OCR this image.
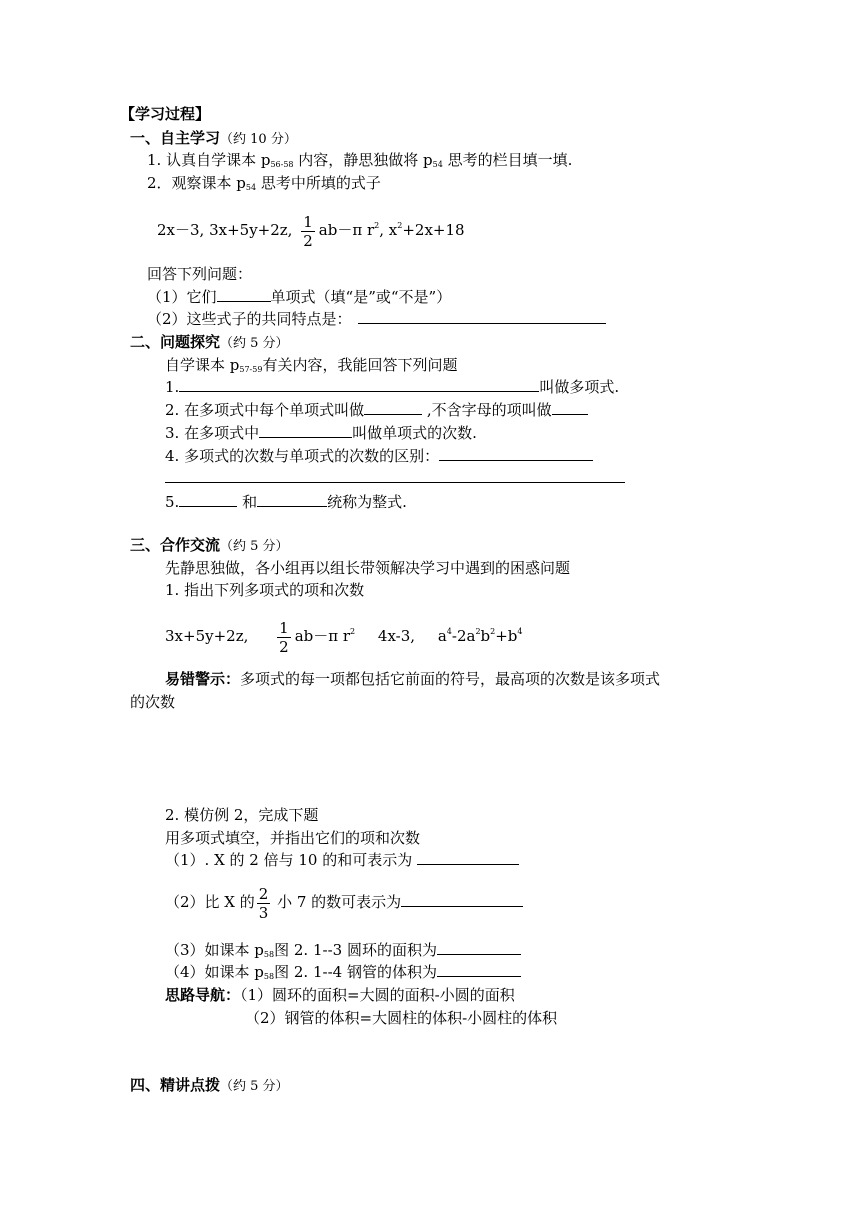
【学习过程】
一、自主学习（约 10 分）
1. 认真自学课本 $p_{56-58}$ 内容，静思独做将 $p_{54}$ 思考的栏目填一填.
2．观察课本 $p_{54}$ 思考中所填的式子
2x－3, 3x+5y+2z, $\frac{1}{2} ab-\pi$ $r^2$, $x^2+2x+18$
回答下列问题：
（1）它们	单项式（填“是”或“不是”）
（2）这些式子的共同特点是：
二、问题探究（约 5 分）
自学课本 $p_{57-59}$有关内容，我能回答下列问题
1.	叫做多项式.
2. 在多项式中每个单项式叫做	,不含字母的项叫做
3. 在多项式中	叫做单项式的次数.
4. 多项式的次数与单项式的次数的区别：
5.	和	统称为整式.
三、合作交流（约 5 分）
先静思独做，各小组再以组长带领解决学习中遇到的困惑问题
1. 指出下列多项式的项和次数
3x+5y+2z, $\frac{1}{2} ab-\pi$ $r^2$ 4x-3, $a^4-2a^2b^2+b^4$
易错警示：多项式的每一项都包括它前面的符号，最高项的次数是该多项式
的次数
2. 模仿例 2，完成下题
用多项式填空，并指出它们的项和次数
（1）. X 的 2 倍与 10 的和可表示为
（2）比 X 的 $\frac{2}{3}$ 小 7 的数可表示为
（3）如课本 $p_{58}$图 2. 1--3 圆环的面积为
（4）如课本 $p_{58}$图 2. 1--4 钢管的体积为
思路导航：（1）圆环的面积=大圆的面积-小圆的面积
（2）钢管的体积=大圆柱的体积-小圆柱的体积
四、精讲点拨（约 5 分）
